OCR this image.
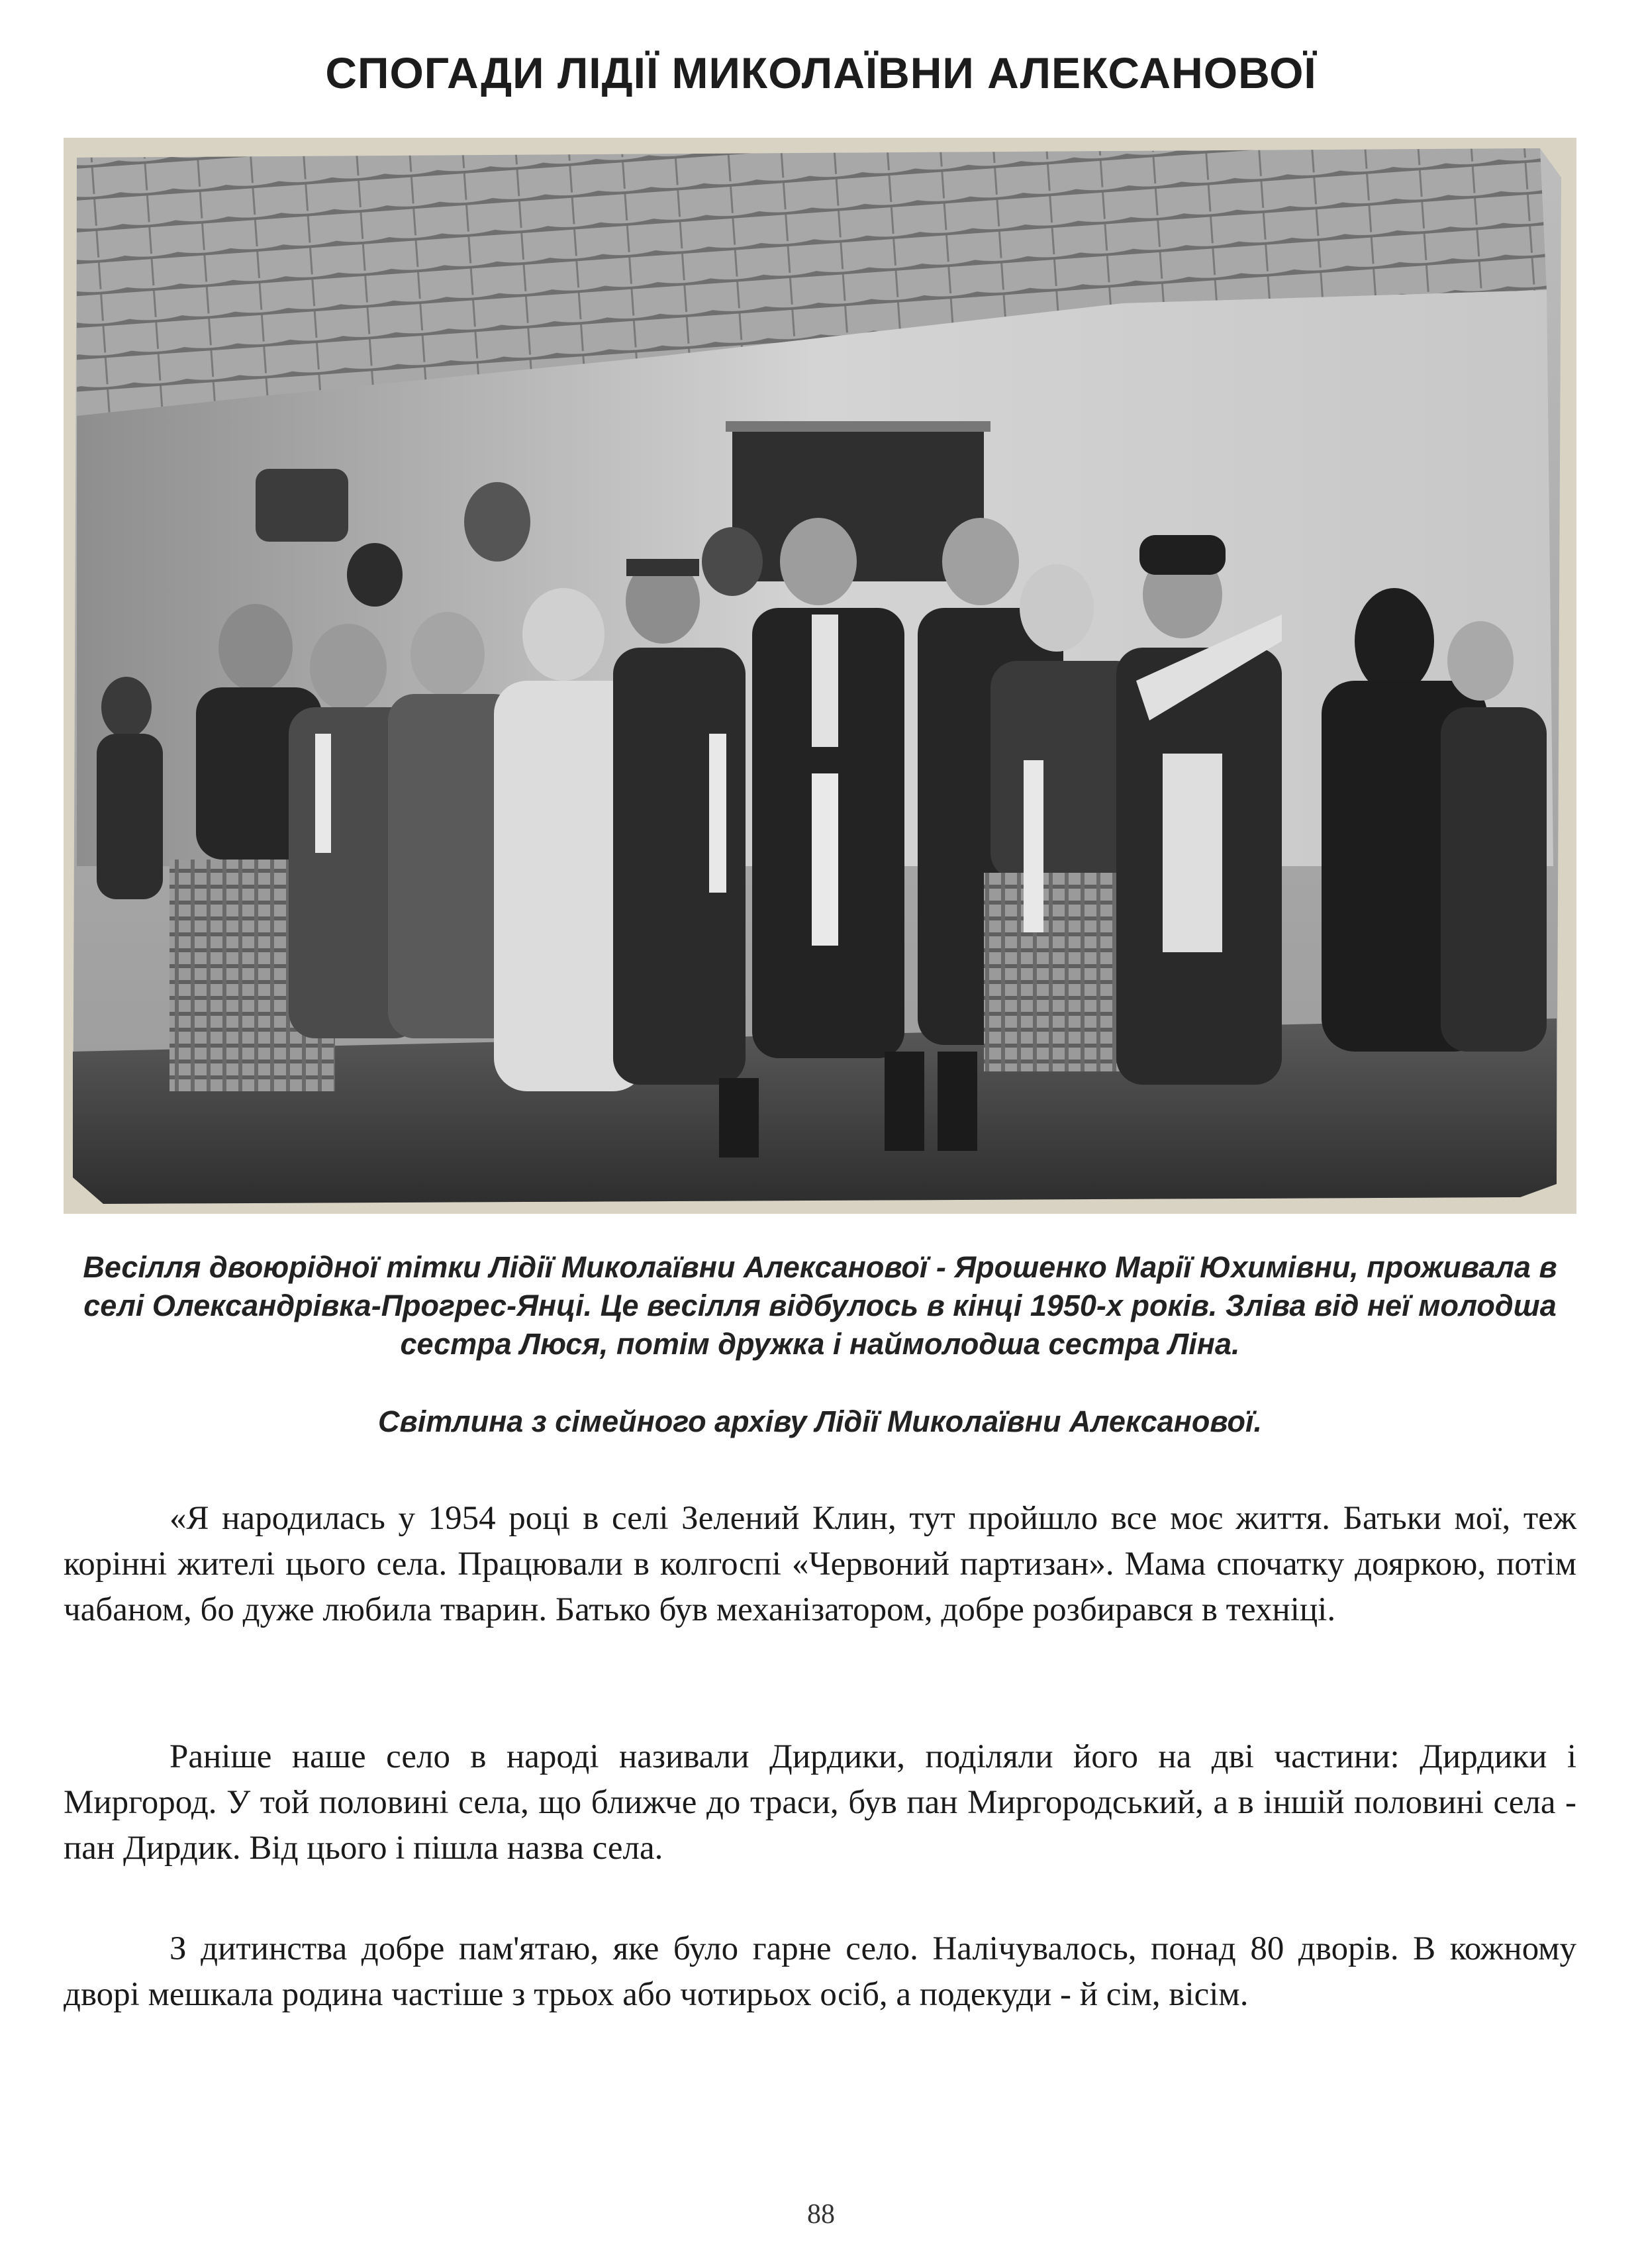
СПОГАДИ ЛІДІЇ МИКОЛАЇВНИ АЛЕКСАНОВОЇ
Весілля двоюрідної тітки Лідії Миколаївни Алексанової - Ярошенко Марії Юхимівни, проживала в селі Олександрівка-Прогрес-Янці. Це весілля відбулось в кінці 1950-х років. Зліва від неї молодша сестра Люся, потім дружка і наймолодша сестра Ліна.
Світлина з сімейного архіву Лідії Миколаївни Алексанової.

«Я народилась у 1954 році в селі Зелений Клин, тут пройшло все моє життя. Батьки мої, теж корінні жителі цього села. Працювали в колгоспі «Червоний партизан». Мама спочатку дояркою, потім чабаном, бо дуже любила тварин. Батько був механізатором, добре розбирався в техніці.

Раніше наше село в народі називали Дирдики, поділяли його на дві частини: Дирдики і Миргород. У той половині села, що ближче до траси, був пан Миргородський, а в іншій половині села - пан Дирдик. Від цього і пішла назва села.

З дитинства добре пам'ятаю, яке було гарне село. Налічувалось, понад 80 дворів. В кожному дворі мешкала родина частіше з трьох або чотирьох осіб, а подекуди - й сім, вісім.

88
